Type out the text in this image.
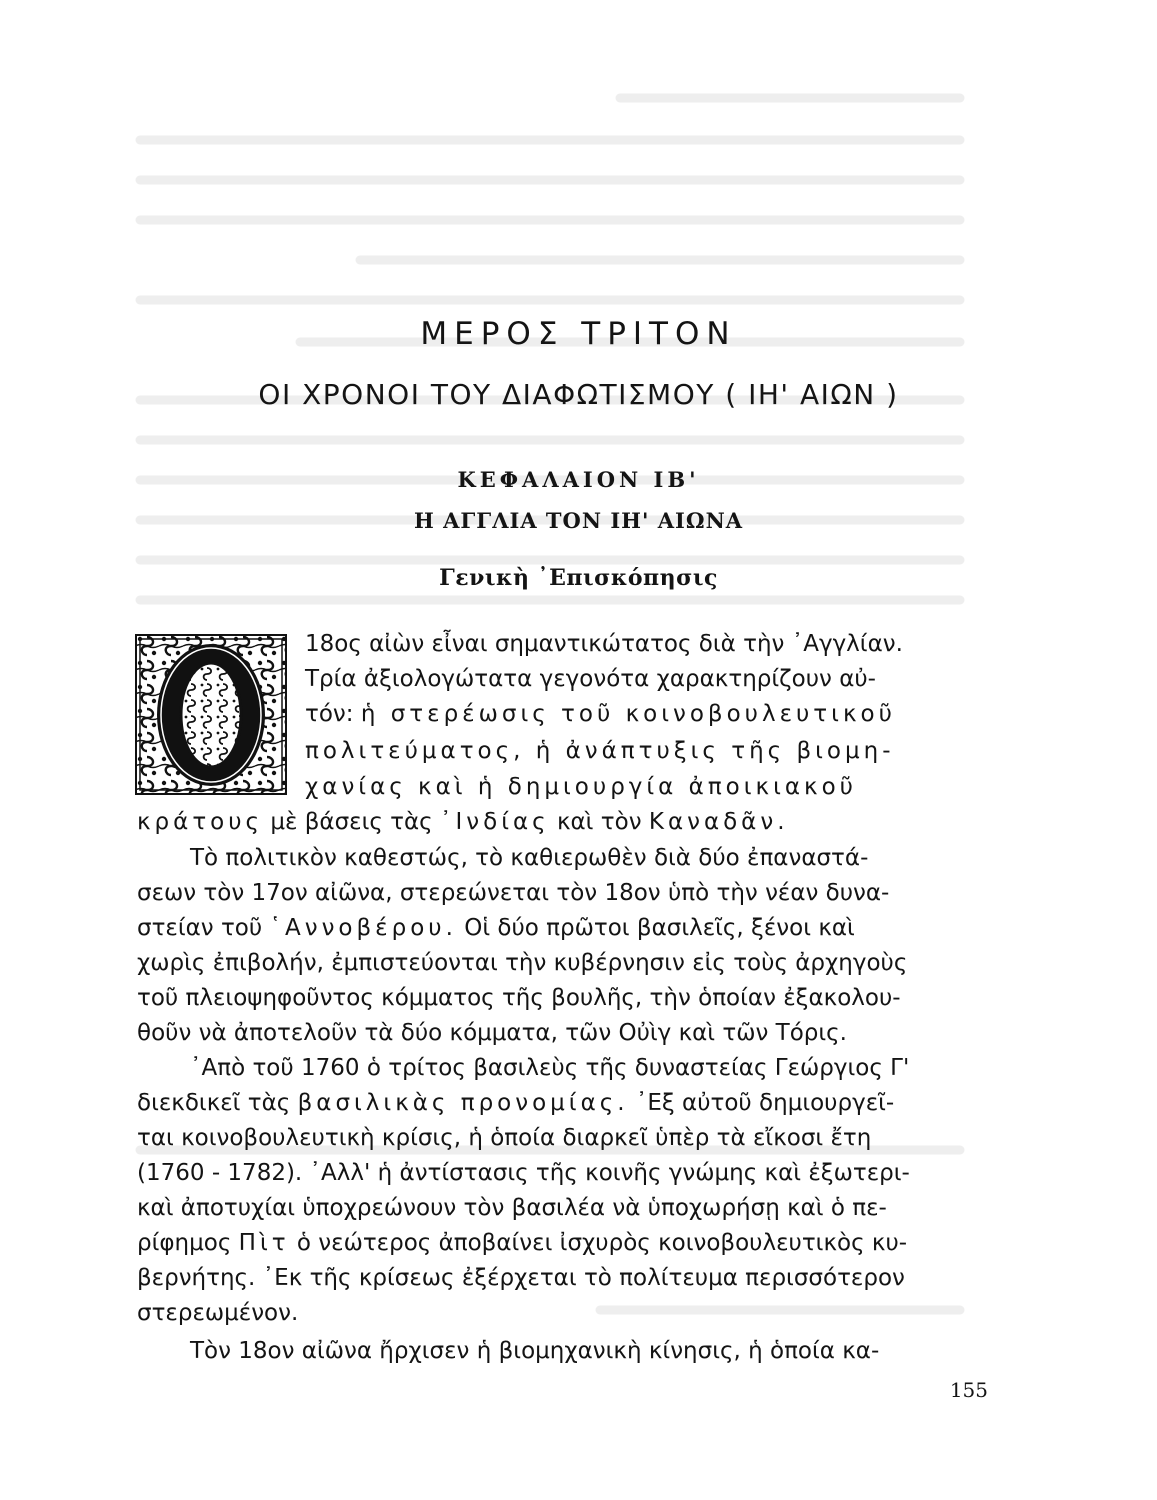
ΜΕΡΟΣ ΤΡΙΤΟΝ
ΟΙ ΧΡΟΝΟΙ ΤΟΥ ΔΙΑΦΩΤΙΣΜΟΥ ( ΙΗ' ΑΙΩΝ )
ΚΕΦΑΛΑΙΟΝ ΙΒ'
Η ΑΓΓΛΙΑ ΤΟΝ ΙΗ' ΑΙΩΝΑ
Γενικὴ ᾿Επισκόπησις
18ος αἰὼν εἶναι σημαντικώτατος διὰ τὴν ᾿Αγγλίαν.
Τρία ἀξιολογώτατα γεγονότα χαρακτηρίζουν αὐ-
τόν: ἡ στερέωσις τοῦ κοινοβουλευτικοῦ
πολιτεύματος, ἡ ἀνάπτυξις τῆς βιομη-
χανίας καὶ ἡ δημιουργία ἀποικιακοῦ
κράτους μὲ βάσεις τὰς ᾿Ινδίας καὶ τὸν Καναδᾶν.
Τὸ πολιτικὸν καθεστώς, τὸ καθιερωθὲν διὰ δύο ἐπαναστά-
σεων τὸν 17ον αἰῶνα, στερεώνεται τὸν 18ον ὑπὸ τὴν νέαν δυνα-
στείαν τοῦ ῾Αννοβέρου. Οἱ δύο πρῶτοι βασιλεῖς, ξένοι καὶ
χωρὶς ἐπιβολήν, ἐμπιστεύονται τὴν κυβέρνησιν εἰς τοὺς ἀρχηγοὺς
τοῦ πλειοψηφοῦντος κόμματος τῆς βουλῆς, τὴν ὁποίαν ἐξακολου-
θοῦν νὰ ἀποτελοῦν τὰ δύο κόμματα, τῶν Οὐὶγ καὶ τῶν Τόρις.
᾿Απὸ τοῦ 1760 ὁ τρίτος βασιλεὺς τῆς δυναστείας Γεώργιος Γ'
διεκδικεῖ τὰς βασιλικὰς προνομίας. ᾿Εξ αὐτοῦ δημιουργεῖ-
ται κοινοβουλευτικὴ κρίσις, ἡ ὁποία διαρκεῖ ὑπὲρ τὰ εἴκοσι ἔτη
(1760 - 1782). ᾿Αλλ' ἡ ἀντίστασις τῆς κοινῆς γνώμης καὶ ἐξωτερι-
καὶ ἀποτυχίαι ὑποχρεώνουν τὸν βασιλέα νὰ ὑποχωρήσῃ καὶ ὁ πε-
ρίφημος Πὶτ ὁ νεώτερος ἀποβαίνει ἰσχυρὸς κοινοβουλευτικὸς κυ-
βερνήτης. ᾿Εκ τῆς κρίσεως ἐξέρχεται τὸ πολίτευμα περισσότερον
στερεωμένον.
Τὸν 18ον αἰῶνα ἤρχισεν ἡ βιομηχανικὴ κίνησις, ἡ ὁποία κα-
155
